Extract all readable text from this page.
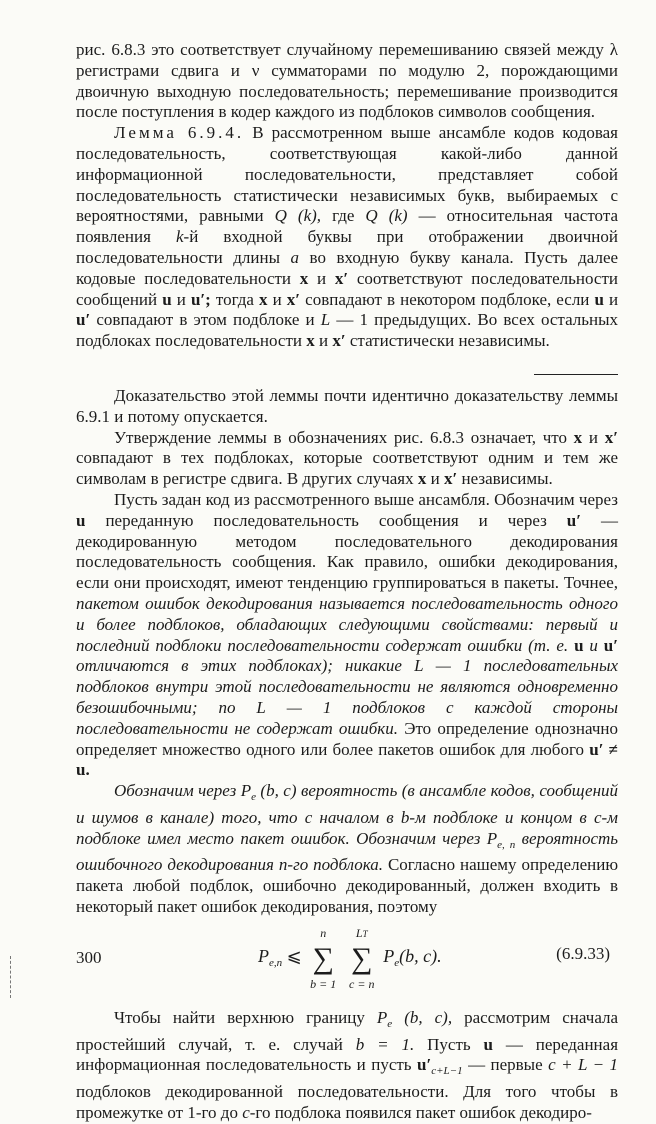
рис. 6.8.3 это соответствует случайному перемешиванию связей между λ регистрами сдвига и ν сумматорами по модулю 2, порождающими двоичную выходную последовательность; перемешивание производится после поступления в кодер каждого из подблоков символов сообщения.

Лемма 6.9.4. В рассмотренном выше ансамбле кодов кодовая последовательность, соответствующая какой-либо данной информационной последовательности, представляет собой последовательность статистически независимых букв, выбираемых с вероятностями, равными Q (k), где Q (k) — относительная частота появления k-й входной буквы при отображении двоичной последовательности длины a во входную букву канала. Пусть далее кодовые последовательности x и x′ соответствуют последовательности сообщений u и u′; тогда x и x′ совпадают в некотором подблоке, если u и u′ совпадают в этом подблоке и L — 1 предыдущих. Во всех остальных подблоках последовательности x и x′ статистически независимы.

Доказательство этой леммы почти идентично доказательству леммы 6.9.1 и потому опускается.

Утверждение леммы в обозначениях рис. 6.8.3 означает, что x и x′ совпадают в тех подблоках, которые соответствуют одним и тем же символам в регистре сдвига. В других случаях x и x′ независимы.

Пусть задан код из рассмотренного выше ансамбля. Обозначим через u переданную последовательность сообщения и через u′ — декодированную методом последовательного декодирования последовательность сообщения. Как правило, ошибки декодирования, если они происходят, имеют тенденцию группироваться в пакеты. Точнее, пакетом ошибок декодирования называется последовательность одного и более подблоков, обладающих следующими свойствами: первый и последний подблоки последовательности содержат ошибки (т. е. u и u′ отличаются в этих подблоках); никакие L — 1 последовательных подблоков внутри этой последовательности не являются одновременно безошибочными; по L — 1 подблоков с каждой стороны последовательности не содержат ошибки. Это определение однозначно определяет множество одного или более пакетов ошибок для любого u′ ≠ u.

Обозначим через $P_e$ (b, c) вероятность (в ансамбле кодов, сообщений и шумов в канале) того, что с началом в b-м подблоке и концом в c-м подблоке имел место пакет ошибок. Обозначим через $P_{e, n}$ вероятность ошибочного декодирования n-го подблока. Согласно нашему определению пакета любой подблок, ошибочно декодированный, должен входить в некоторый пакет ошибок декодирования, поэтому

$P_{e,n}$ ⩽ ∑
n
b = 1
∑
LT
c = n
$P_e(b$, c).	(6.9.33)

Чтобы найти верхнюю границу $P_e$ (b, c), рассмотрим сначала простейший случай, т. е. случай b = 1. Пусть u — переданная информационная последовательность и пусть $u'_{c+L-1}$ — первые c + L − 1 подблоков декодированной последовательности. Для того чтобы в промежутке от 1-го до c-го подблока появился пакет ошибок декодиро-

300
